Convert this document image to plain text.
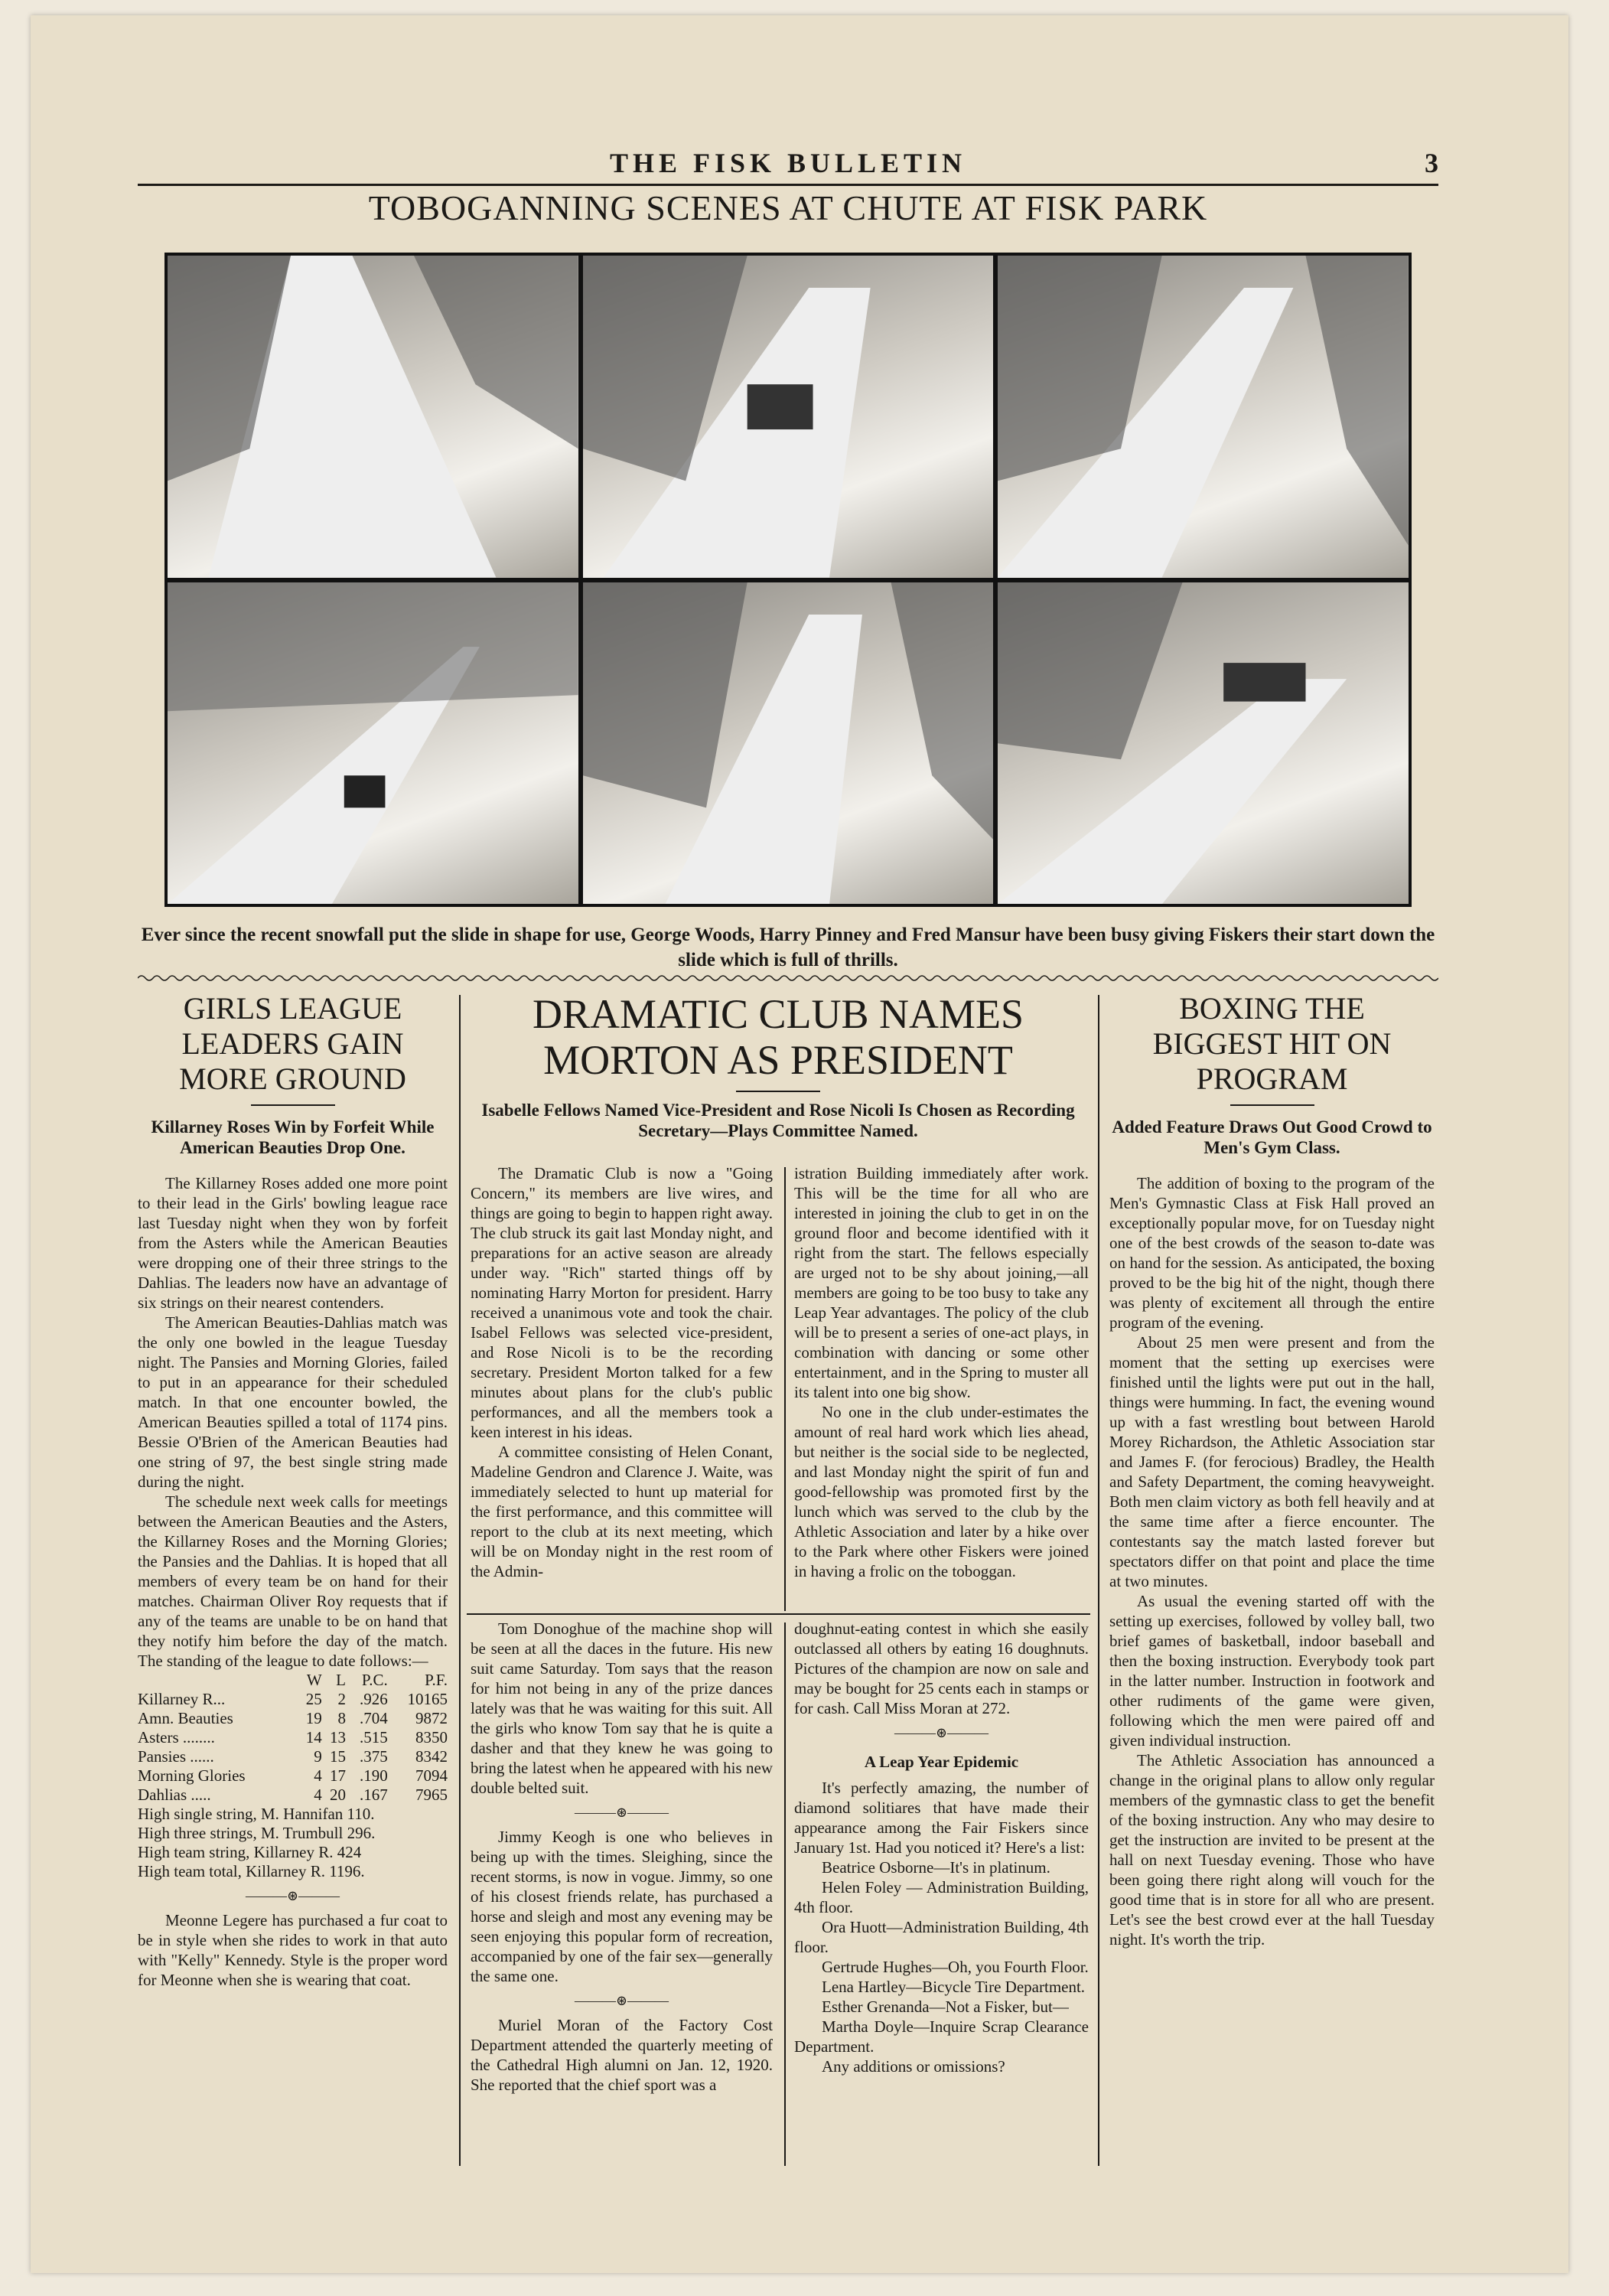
THE FISK BULLETIN	3
TOBOGANNING SCENES AT CHUTE AT FISK PARK
Ever since the recent snowfall put the slide in shape for use, George Woods, Harry Pinney and Fred Mansur have been busy giving Fiskers their start down the slide which is full of thrills.
GIRLS LEAGUE LEADERS GAIN MORE GROUND
Killarney Roses Win by Forfeit While American Beauties Drop One.

The Killarney Roses added one more point to their lead in the Girls' bowling league race last Tuesday night when they won by forfeit from the Asters while the American Beauties were dropping one of their three strings to the Dahlias. The leaders now have an advantage of six strings on their nearest contenders.

The American Beauties-Dahlias match was the only one bowled in the league Tuesday night. The Pansies and Morning Glories, failed to put in an appearance for their scheduled match. In that one encounter bowled, the American Beauties spilled a total of 1174 pins. Bessie O'Brien of the American Beauties had one string of 97, the best single string made during the night.

The schedule next week calls for meetings between the American Beauties and the Asters, the Killarney Roses and the Morning Glories; the Pansies and the Dahlias. It is hoped that all members of every team be on hand for their matches. Chairman Oliver Roy requests that if any of the teams are unable to be on hand that they notify him before the day of the match. The standing of the league to date follows:—

	W	L	P.C.	P.F.
Killarney R...	25	2	.926	10165
Amn. Beauties	19	8	.704	9872
Asters ........	14	13	.515	8350
Pansies ......	9	15	.375	8342
Morning Glories	4	17	.190	7094
Dahlias .....	4	20	.167	7965
High single string, M. Hannifan 110.
High three strings, M. Trumbull 296.
High team string, Killarney R. 424
High team total, Killarney R. 1196.
———⊛———

Meonne Legere has purchased a fur coat to be in style when she rides to work in that auto with "Kelly" Kennedy. Style is the proper word for Meonne when she is wearing that coat.

DRAMATIC CLUB NAMES MORTON AS PRESIDENT
Isabelle Fellows Named Vice-President and Rose Nicoli Is Chosen as Recording Secretary—Plays Committee Named.

The Dramatic Club is now a "Going Concern," its members are live wires, and things are going to begin to happen right away. The club struck its gait last Monday night, and preparations for an active season are already under way. "Rich" started things off by nominating Harry Morton for president. Harry received a unanimous vote and took the chair. Isabel Fellows was selected vice-president, and Rose Nicoli is to be the recording secretary. President Morton talked for a few minutes about plans for the club's public performances, and all the members took a keen interest in his ideas.

A committee consisting of Helen Conant, Madeline Gendron and Clarence J. Waite, was immediately selected to hunt up material for the first performance, and this committee will report to the club at its next meeting, which will be on Monday night in the rest room of the Admin-

istration Building immediately after work. This will be the time for all who are interested in joining the club to get in on the ground floor and become identified with it right from the start. The fellows especially are urged not to be shy about joining,—all members are going to be too busy to take any Leap Year advantages. The policy of the club will be to present a series of one-act plays, in combination with dancing or some other entertainment, and in the Spring to muster all its talent into one big show.

No one in the club under-estimates the amount of real hard work which lies ahead, but neither is the social side to be neglected, and last Monday night the spirit of fun and good-fellowship was promoted first by the lunch which was served to the club by the Athletic Association and later by a hike over to the Park where other Fiskers were joined in having a frolic on the toboggan.

Tom Donoghue of the machine shop will be seen at all the daces in the future. His new suit came Saturday. Tom says that the reason for him not being in any of the prize dances lately was that he was waiting for this suit. All the girls who know Tom say that he is quite a dasher and that they knew he was going to bring the latest when he appeared with his new double belted suit.

———⊛———

Jimmy Keogh is one who believes in being up with the times. Sleighing, since the recent storms, is now in vogue. Jimmy, so one of his closest friends relate, has purchased a horse and sleigh and most any evening may be seen enjoying this popular form of recreation, accompanied by one of the fair sex—generally the same one.

———⊛———

Muriel Moran of the Factory Cost Department attended the quarterly meeting of the Cathedral High alumni on Jan. 12, 1920. She reported that the chief sport was a

doughnut-eating contest in which she easily outclassed all others by eating 16 doughnuts. Pictures of the champion are now on sale and may be bought for 25 cents each in stamps or for cash. Call Miss Moran at 272.

———⊛———
A Leap Year Epidemic

It's perfectly amazing, the number of diamond solitiares that have made their appearance among the Fair Fiskers since January 1st. Had you noticed it? Here's a list:

Beatrice Osborne—It's in platinum.

Helen Foley — Administration Building, 4th floor.

Ora Huott—Administration Building, 4th floor.

Gertrude Hughes—Oh, you Fourth Floor.

Lena Hartley—Bicycle Tire Department.

Esther Grenanda—Not a Fisker, but—

Martha Doyle—Inquire Scrap Clearance Department.

Any additions or omissions?

BOXING THE BIGGEST HIT ON PROGRAM
Added Feature Draws Out Good Crowd to Men's Gym Class.

The addition of boxing to the program of the Men's Gymnastic Class at Fisk Hall proved an exceptionally popular move, for on Tuesday night one of the best crowds of the season to-date was on hand for the session. As anticipated, the boxing proved to be the big hit of the night, though there was plenty of excitement all through the entire program of the evening.

About 25 men were present and from the moment that the setting up exercises were finished until the lights were put out in the hall, things were humming. In fact, the evening wound up with a fast wrestling bout between Harold Morey Richardson, the Athletic Association star and James F. (for ferocious) Bradley, the Health and Safety Department, the coming heavyweight. Both men claim victory as both fell heavily and at the same time after a fierce encounter. The contestants say the match lasted forever but spectators differ on that point and place the time at two minutes.

As usual the evening started off with the setting up exercises, followed by volley ball, two brief games of basketball, indoor baseball and then the boxing instruction. Everybody took part in the latter number. Instruction in footwork and other rudiments of the game were given, following which the men were paired off and given individual instruction.

The Athletic Association has announced a change in the original plans to allow only regular members of the gymnastic class to get the benefit of the boxing instruction. Any who may desire to get the instruction are invited to be present at the hall on next Tuesday evening. Those who have been going there right along will vouch for the good time that is in store for all who are present. Let's see the best crowd ever at the hall Tuesday night. It's worth the trip.
